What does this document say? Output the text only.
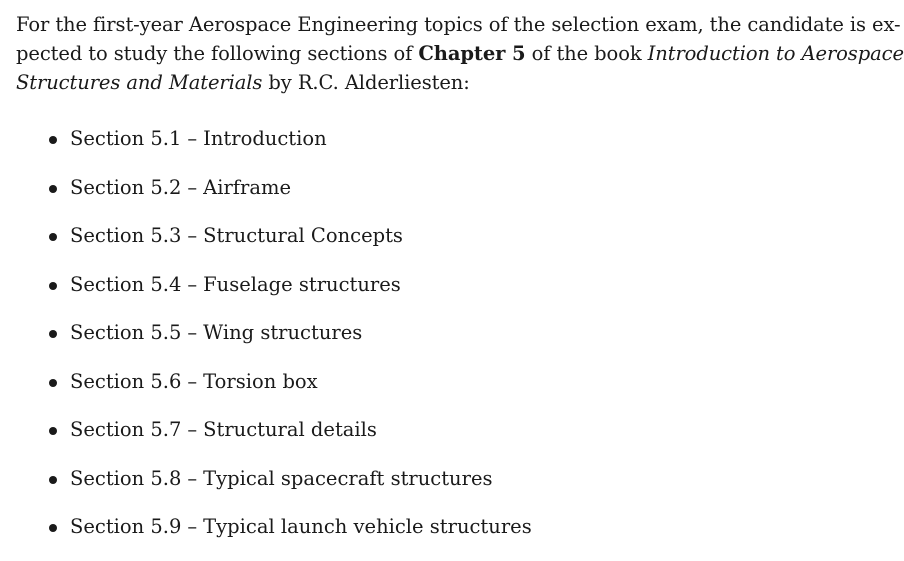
For the first-year Aerospace Engineering topics of the selection exam, the candidate is ex-
pected to study the following sections of Chapter 5 of the book Introduction to Aerospace
Structures and Materials by R.C. Alderliesten:

Section 5.1 – Introduction
Section 5.2 – Airframe
Section 5.3 – Structural Concepts
Section 5.4 – Fuselage structures
Section 5.5 – Wing structures
Section 5.6 – Torsion box
Section 5.7 – Structural details
Section 5.8 – Typical spacecraft structures
Section 5.9 – Typical launch vehicle structures
